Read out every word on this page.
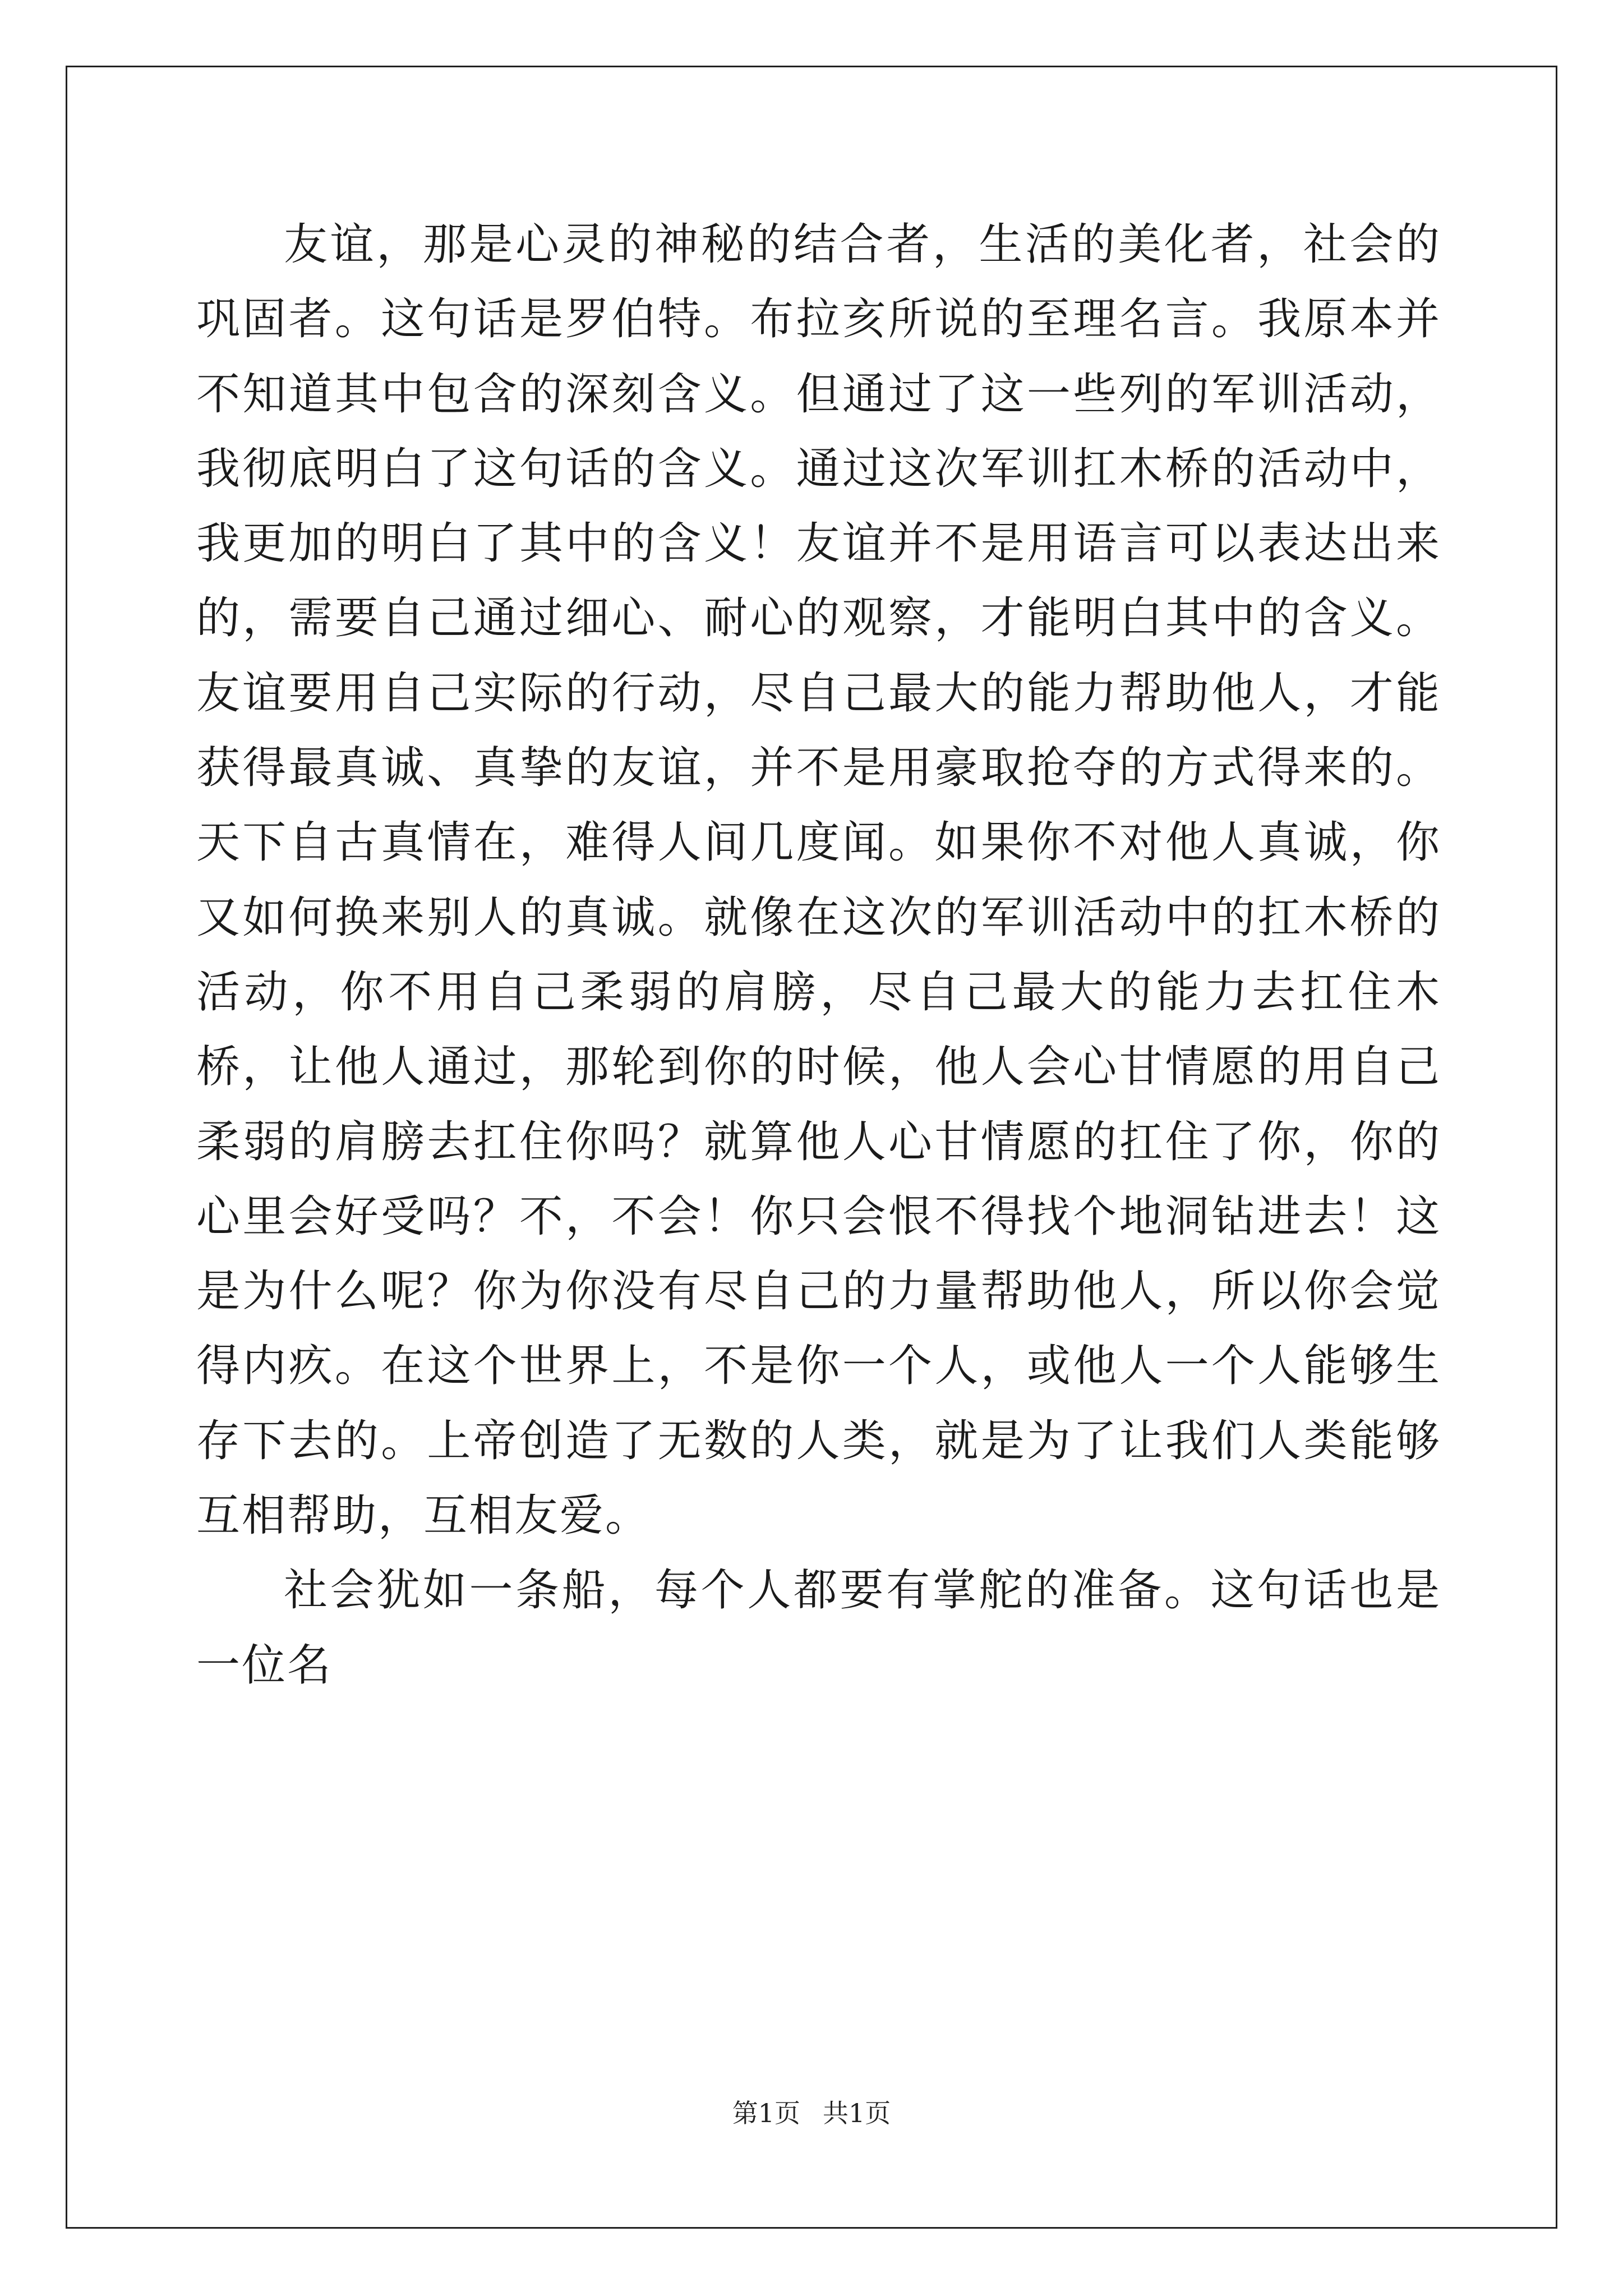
友谊，那是心灵的神秘的结合者，生活的美化者，社会的巩固者。这句话是罗伯特。布拉亥所说的至理名言。我原本并不知道其中包含的深刻含义。但通过了这一些列的军训活动，我彻底明白了这句话的含义。通过这次军训扛木桥的活动中，我更加的明白了其中的含义！友谊并不是用语言可以表达出来的，需要自己通过细心、耐心的观察，才能明白其中的含义。友谊要用自己实际的行动，尽自己最大的能力帮助他人，才能获得最真诚、真挚的友谊，并不是用豪取抢夺的方式得来的。天下自古真情在，难得人间几度闻。如果你不对他人真诚，你又如何换来别人的真诚。就像在这次的军训活动中的扛木桥的活动，你不用自己柔弱的肩膀，尽自己最大的能力去扛住木桥，让他人通过，那轮到你的时候，他人会心甘情愿的用自己柔弱的肩膀去扛住你吗？就算他人心甘情愿的扛住了你，你的心里会好受吗？不，不会！你只会恨不得找个地洞钻进去！这是为什么呢？你为你没有尽自己的力量帮助他人，所以你会觉得内疚。在这个世界上，不是你一个人，或他人一个人能够生存下去的。上帝创造了无数的人类，就是为了让我们人类能够互相帮助，互相友爱。

社会犹如一条船，每个人都要有掌舵的准备。这句话也是一位名

第1页 共1页
